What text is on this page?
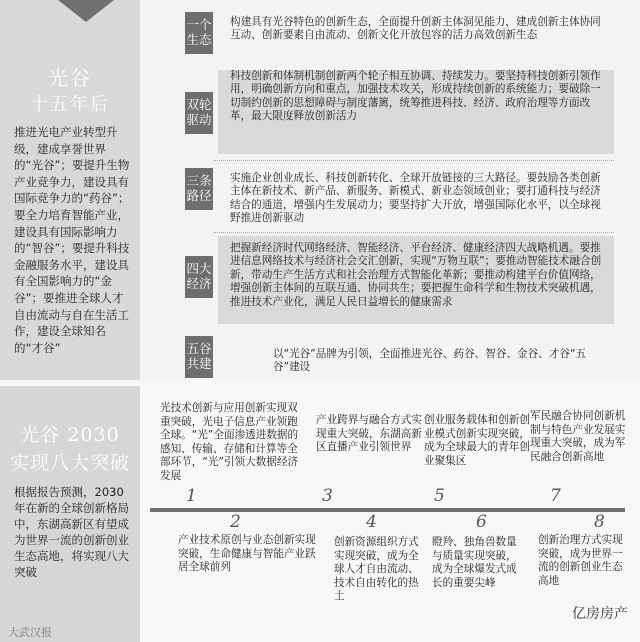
光谷
十五年后
推进光电产业转型升级，建成享誉世界的“光谷”；要提升生物产业竞争力，建设具有国际竞争力的“药谷”；要全力培育智能产业，建设具有国际影响力的“智谷”；要提升科技金融服务水平，建设具有全国影响力的“金谷”；要推进全球人才自由流动与自在生活工作，建设全球知名的“才谷”
一个
生态
构建具有光谷特色的创新生态，全面提升创新主体洞见能力，建成创新主体协同互动、创新要素自由流动、创新文化开放包容的活力高效创新生态
双轮
驱动
科技创新和体制机制创新两个轮子相互协调、持续发力。要坚持科技创新引领作用，明确创新方向和重点，加强技术攻关，形成持续创新的系统能力；要破除一切制约创新的思想障碍与制度藩篱，统筹推进科技、经济、政府治理等方面改革，最大限度释放创新活力
三条
路径
实施企业创业成长、科技创新转化、全球开放链接的三大路径。要鼓励各类创新主体在新技术、新产品、新服务、新模式、新业态领域创业；要打通科技与经济结合的通道，增强内生发展动力；要坚持扩大开放，增强国际化水平，以全球视野推进创新驱动
四大
经济
把握新经济时代网络经济、智能经济、平台经济、健康经济四大战略机遇。要推进信息网络技术与经济社会交汇创新，实现“万物互联”；要推动智能技术融合创新，带动生产生活方式和社会治理方式智能化革新；要推动构建平台价值网络，增强创新主体间的互联互通、协同共生；要把握生命科学和生物技术突破机遇，推进技术产业化，满足人民日益增长的健康需求
五谷
共建
以“光谷”品牌为引领，全面推进光谷、药谷、智谷、金谷、才谷“五谷”建设
光谷 2030
实现八大突破
根据报告预测，2030 年在新的全球创新格局中，东湖高新区有望成为世界一流的创新创业生态高地，将实现八大突破
1
光技术创新与应用创新实现双重突破，光电子信息产业领跑全球。“光”全面渗透进数据的感知、传输、存储和计算等全部环节，“光”引领大数据经济发展
3
产业跨界与融合方式实现重大突破，东湖高新区直播产业引领世界
5
创业服务载体和创新创业模式创新实现突破，成为全球最大的青年创业聚集区
7
军民融合协同创新机制与特色产业发展实现重大突破，成为军民融合创新高地
2
产业技术原创与业态创新实现突破，生命健康与智能产业跃居全球前列
4
创新资源组织方式实现突破，成为全球人才自由流动、技术自由转化的热土
6
瞪羚、独角兽数量与质量实现突破，成为全球爆发式成长的重要尖峰
8
创新治理方式实现突破，成为世界一流的创新创业生态高地
大武汉报
亿房房产
